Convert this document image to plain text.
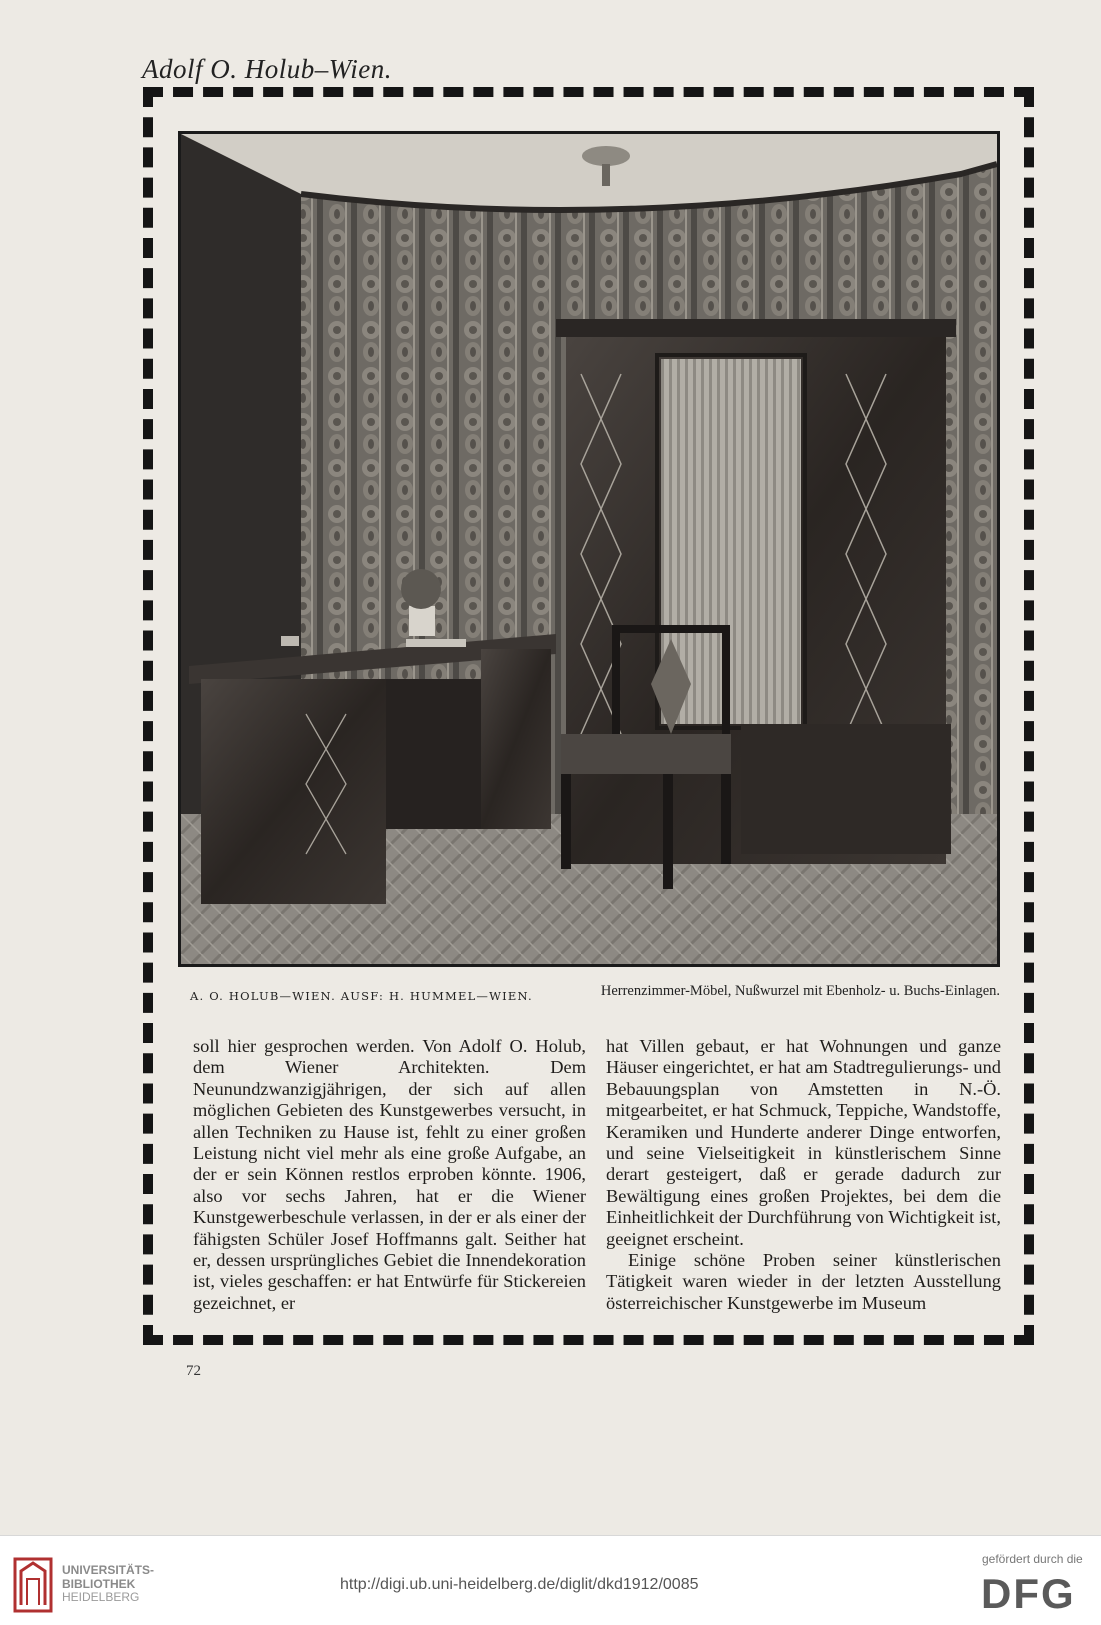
Adolf O. Holub–Wien.
A. O. HOLUB—WIEN. AUSF: H. HUMMEL—WIEN.	Herrenzimmer-Möbel, Nußwurzel mit Ebenholz- u. Buchs-Einlagen.

soll hier gesprochen werden. Von Adolf O. Holub, dem Wiener Architekten. Dem Neunundzwanzigjährigen, der sich auf allen möglichen Gebieten des Kunstgewerbes versucht, in allen Techniken zu Hause ist, fehlt zu einer großen Leistung nicht viel mehr als eine große Aufgabe, an der er sein Können restlos erproben könnte. 1906, also vor sechs Jahren, hat er die Wiener Kunstgewerbeschule verlassen, in der er als einer der fähigsten Schüler Josef Hoffmanns galt. Seither hat er, dessen ursprüngliches Gebiet die Innendekoration ist, vieles geschaffen: er hat Entwürfe für Stickereien gezeichnet, er

hat Villen gebaut, er hat Wohnungen und ganze Häuser eingerichtet, er hat am Stadtregulierungs- und Bebauungsplan von Amstetten in N.-Ö. mitgearbeitet, er hat Schmuck, Teppiche, Wandstoffe, Keramiken und Hunderte anderer Dinge entworfen, und seine Vielseitigkeit in künstlerischem Sinne derart gesteigert, daß er gerade dadurch zur Bewältigung eines großen Projektes, bei dem die Einheitlichkeit der Durchführung von Wichtigkeit ist, geeignet erscheint.

Einige schöne Proben seiner künstlerischen Tätigkeit waren wieder in der letzten Ausstellung österreichischer Kunstgewerbe im Museum

72
UNIVERSITÄTS-
BIBLIOTHEK
HEIDELBERG
http://digi.ub.uni-heidelberg.de/diglit/dkd1912/0085
gefördert durch die
DFG
